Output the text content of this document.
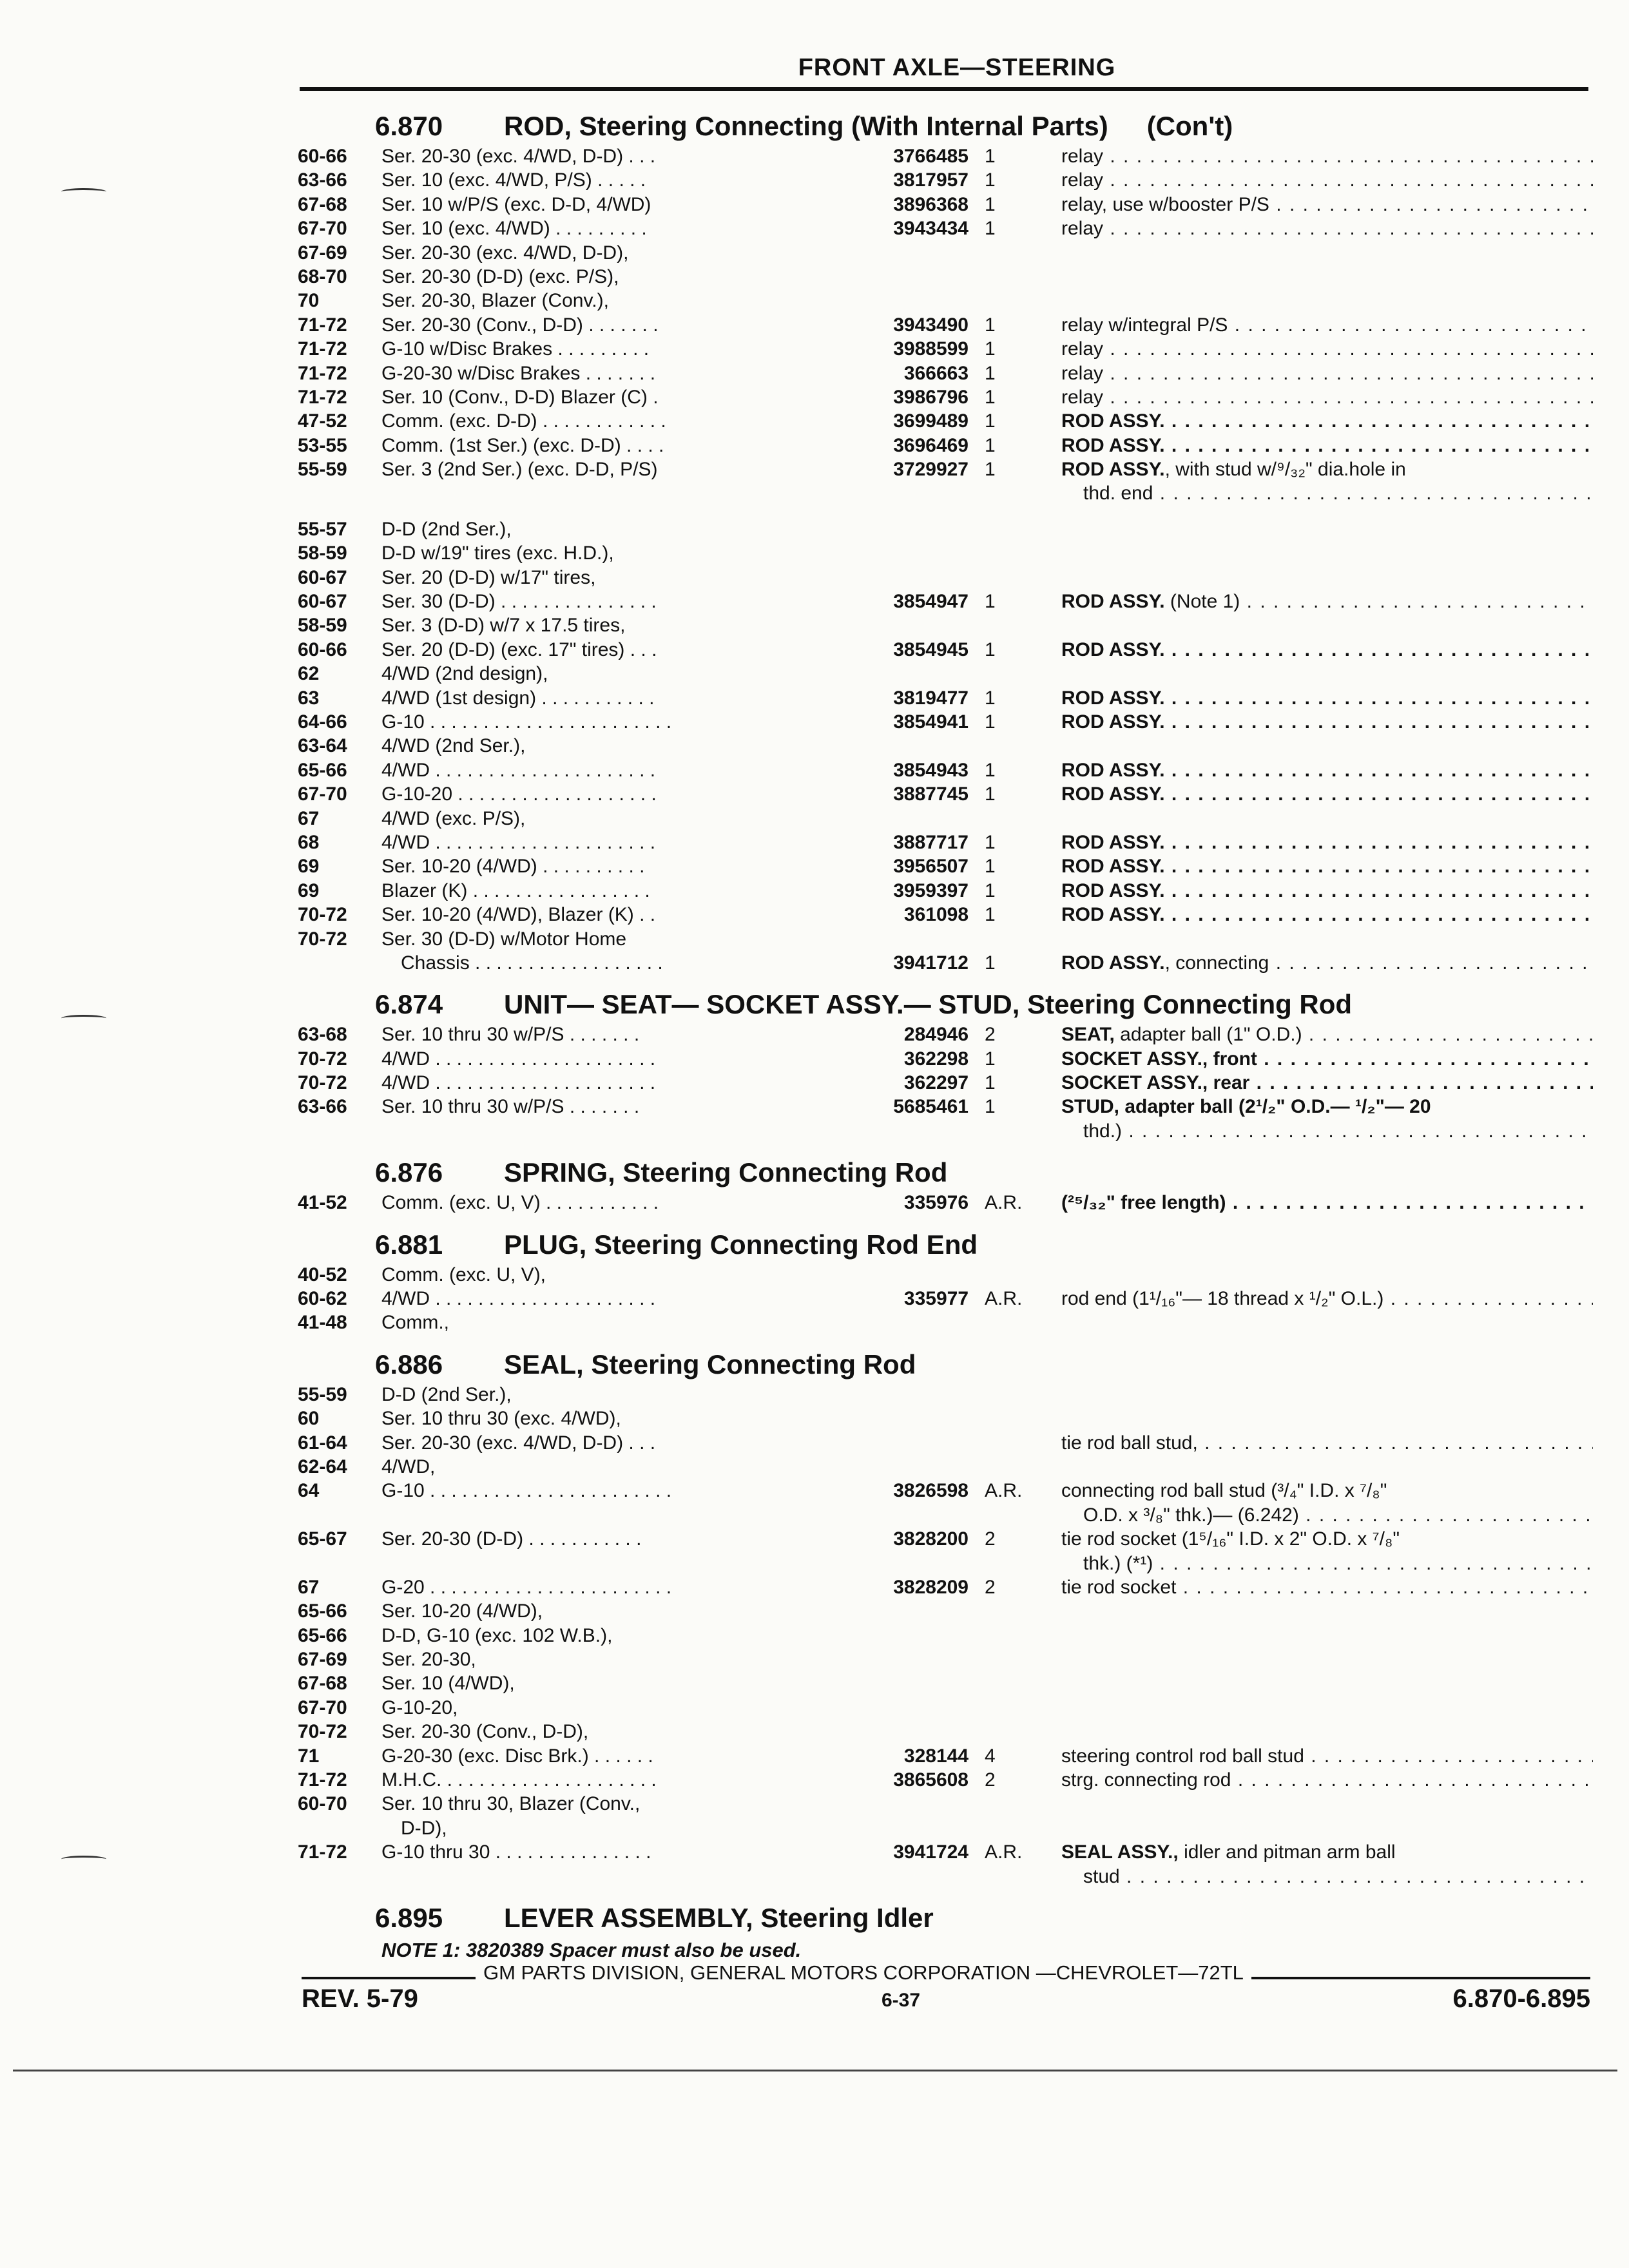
FRONT AXLE—STEERING
6.870	ROD, Steering Connecting (With Internal Parts) (Con't)
60-66 Ser. 20-30 (exc. 4/WD, D-D) . . .	3766485 1	relay . . .
63-66 Ser. 10 (exc. 4/WD, P/S) . . . . .	3817957 1	relay . . .
67-68 Ser. 10 w/P/S (exc. D-D, 4/WD)	3896368 1	relay, use w/booster P/S . . .
67-70 Ser. 10 (exc. 4/WD) . . . . . . . . .	3943434 1	relay . . .
67-69 Ser. 20-30 (exc. 4/WD, D-D),
68-70 Ser. 20-30 (D-D) (exc. P/S),
70	Ser. 20-30, Blazer (Conv.),
71-72 Ser. 20-30 (Conv., D-D) . . . . . . .	3943490 1	relay w/integral P/S . . .
71-72 G-10 w/Disc Brakes . . . . . . . . .	3988599 1	relay . . .
71-72 G-20-30 w/Disc Brakes . . . . . . .	366663 1	relay . . .
71-72 Ser. 10 (Conv., D-D) Blazer (C) .	3986796 1	relay . . .
47-52 Comm. (exc. D-D) . . . . . . . . . . . .	3699489 1	ROD ASSY. . . .
53-55 Comm. (1st Ser.) (exc. D-D) . . . .	3696469 1	ROD ASSY. . . .
55-59 Ser. 3 (2nd Ser.) (exc. D-D, P/S)	3729927 1	ROD ASSY., with stud w/⁹/₃₂" dia.hole in
thd. end . . .
55-57 D-D (2nd Ser.),
58-59 D-D w/19" tires (exc. H.D.),
60-67 Ser. 20 (D-D) w/17" tires,
60-67 Ser. 30 (D-D) . . . . . . . . . . . . . . .	3854947 1	ROD ASSY. (Note 1) . . .
58-59 Ser. 3 (D-D) w/7 x 17.5 tires,
60-66 Ser. 20 (D-D) (exc. 17" tires) . . .	3854945 1	ROD ASSY. . . .
62	4/WD (2nd design),
63	4/WD (1st design) . . . . . . . . . . .	3819477 1	ROD ASSY. . . .
64-66 G-10 . . . . . . . . . . . . . . . . . . . . . . .	3854941 1	ROD ASSY. . . .
63-64 4/WD (2nd Ser.),
65-66 4/WD . . . . . . . . . . . . . . . . . . . . .	3854943 1	ROD ASSY. . . .
67-70 G-10-20 . . . . . . . . . . . . . . . . . . .	3887745 1	ROD ASSY. . . .
67	4/WD (exc. P/S),
68	4/WD . . . . . . . . . . . . . . . . . . . . .	3887717 1	ROD ASSY. . . .
69	Ser. 10-20 (4/WD) . . . . . . . . . .	3956507 1	ROD ASSY. . . .
69	Blazer (K) . . . . . . . . . . . . . . . . .	3959397 1	ROD ASSY. . . .
70-72 Ser. 10-20 (4/WD), Blazer (K) . .	361098 1	ROD ASSY. . . .
70-72 Ser. 30 (D-D) w/Motor Home
Chassis . . . . . . . . . . . . . . . . . .	3941712 1	ROD ASSY., connecting . . .
6.874	UNIT— SEAT— SOCKET ASSY.— STUD, Steering Connecting Rod
63-68 Ser. 10 thru 30 w/P/S . . . . . . .	284946 2	SEAT, adapter ball (1" O.D.) . . .
70-72 4/WD . . . . . . . . . . . . . . . . . . . . .	362298 1	SOCKET ASSY., front . . .
70-72 4/WD . . . . . . . . . . . . . . . . . . . . .	362297 1	SOCKET ASSY., rear . . .
63-66 Ser. 10 thru 30 w/P/S . . . . . . .	5685461 1	STUD, adapter ball (2¹/₂" O.D.— ¹/₂"— 20
thd.) . . .
6.876	SPRING, Steering Connecting Rod
41-52 Comm. (exc. U, V) . . . . . . . . . . .	335976 A.R. (²⁵/₃₂" free length) . . .
6.881	PLUG, Steering Connecting Rod End
40-52 Comm. (exc. U, V),
60-62 4/WD . . . . . . . . . . . . . . . . . . . . .	335977 A.R. rod end (1¹/₁₆"— 18 thread x ¹/₂" O.L.) . . .
41-48 Comm.,
6.886	SEAL, Steering Connecting Rod
55-59 D-D (2nd Ser.),
60	Ser. 10 thru 30 (exc. 4/WD),
61-64 Ser. 20-30 (exc. 4/WD, D-D) . . .	tie rod ball stud, . . .
62-64 4/WD,
64	G-10 . . . . . . . . . . . . . . . . . . . . . . .	3826598 A.R. connecting rod ball stud (³/₄" I.D. x ⁷/₈"
O.D. x ³/₈" thk.)— (6.242) . . .
65-67 Ser. 20-30 (D-D) . . . . . . . . . . .	3828200 2	tie rod socket (1⁵/₁₆" I.D. x 2" O.D. x ⁷/₈"
thk.) (*¹) . . .
67	G-20 . . . . . . . . . . . . . . . . . . . . . . .	3828209 2	tie rod socket . . .
65-66 Ser. 10-20 (4/WD),
65-66 D-D, G-10 (exc. 102 W.B.),
67-69 Ser. 20-30,
67-68 Ser. 10 (4/WD),
67-70 G-10-20,
70-72 Ser. 20-30 (Conv., D-D),
71	G-20-30 (exc. Disc Brk.) . . . . . .	328144 4	steering control rod ball stud . . .
71-72 M.H.C. . . . . . . . . . . . . . . . . . . . .	3865608 2	strg. connecting rod . . .
60-70 Ser. 10 thru 30, Blazer (Conv.,
D-D),
71-72 G-10 thru 30 . . . . . . . . . . . . . . .	3941724 A.R. SEAL ASSY., idler and pitman arm ball
stud . . .
6.895	LEVER ASSEMBLY, Steering Idler
NOTE 1: 3820389 Spacer must also be used.
GM PARTS DIVISION, GENERAL MOTORS CORPORATION —CHEVROLET—72TL
REV. 5-79	6-37	6.870-6.895
